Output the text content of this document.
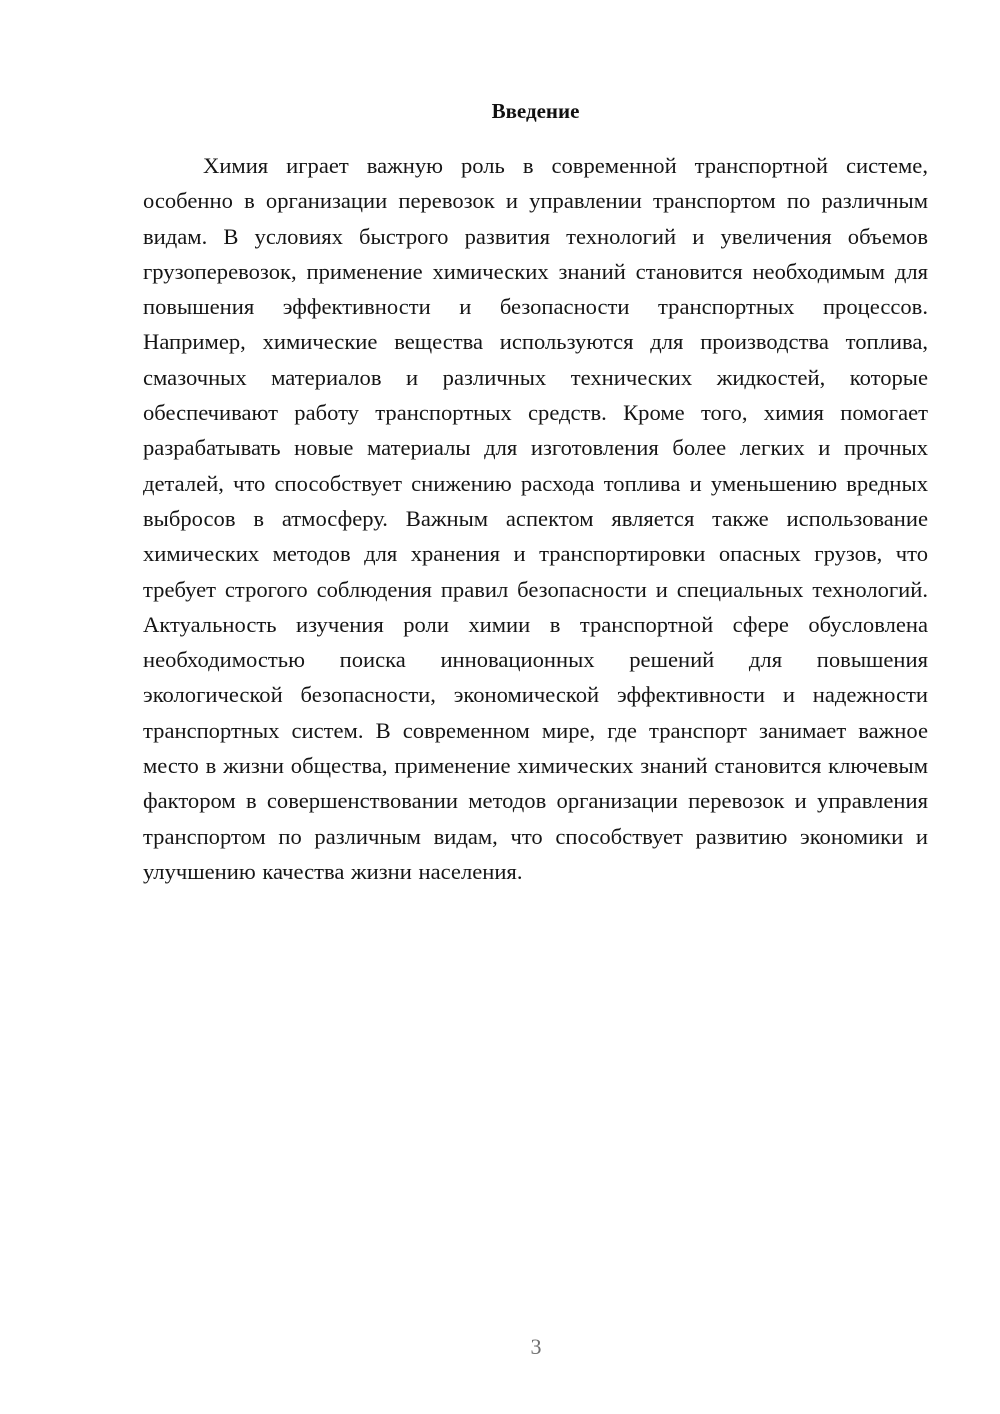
Введение

Химия играет важную роль в современной транспортной системе, особенно в организации перевозок и управлении транспортом по различным видам. В условиях быстрого развития технологий и увеличения объемов грузоперевозок, применение химических знаний становится необходимым для повышения эффективности и безопасности транспортных процессов. Например, химические вещества используются для производства топлива, смазочных материалов и различных технических жидкостей, которые обеспечивают работу транспортных средств. Кроме того, химия помогает разрабатывать новые материалы для изготовления более легких и прочных деталей, что способствует снижению расхода топлива и уменьшению вредных выбросов в атмосферу. Важным аспектом является также использование химических методов для хранения и транспортировки опасных грузов, что требует строгого соблюдения правил безопасности и специальных технологий. Актуальность изучения роли химии в транспортной сфере обусловлена необходимостью поиска инновационных решений для повышения экологической безопасности, экономической эффективности и надежности транспортных систем. В современном мире, где транспорт занимает важное место в жизни общества, применение химических знаний становится ключевым фактором в совершенствовании методов организации перевозок и управления транспортом по различным видам, что способствует развитию экономики и улучшению качества жизни населения.

3
